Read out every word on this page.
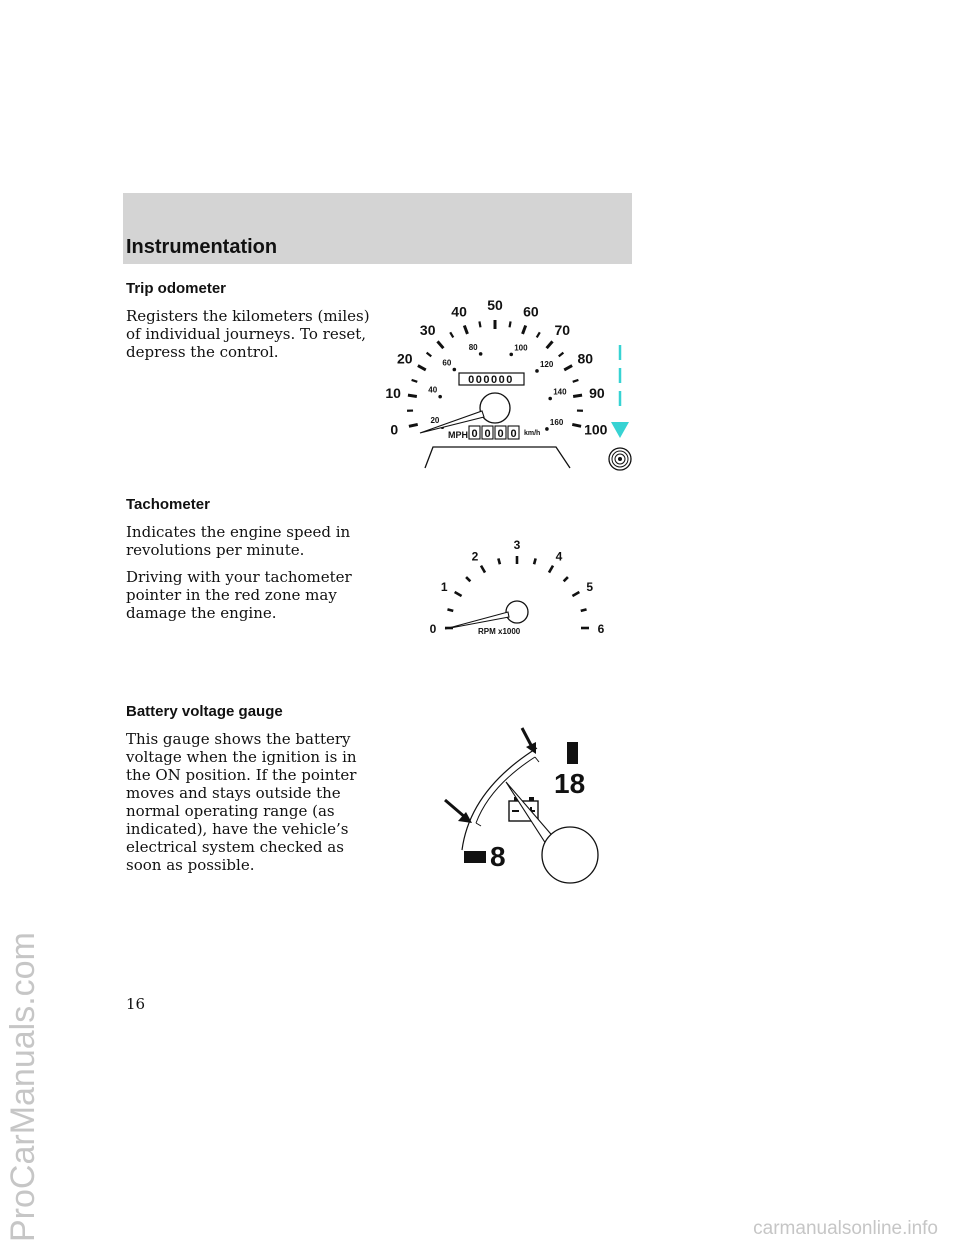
Instrumentation
Trip odometer

Registers the kilometers (miles) of individual journeys. To reset, depress the control.

0
10
20
30
40 50 60
70
80
90
100
20
40
60
80	100
120
140
160
000000
MPH 0 0 0 0 km/h
Tachometer

Indicates the engine speed in revolutions per minute.

Driving with your tachometer pointer in the red zone may damage the engine.

0
1
2
3
4
5
6
RPM x1000
Battery voltage gauge

This gauge shows the battery voltage when the ignition is in the ON position. If the pointer moves and stays outside the normal operating range (as indicated), have the vehicle’s electrical system checked as soon as possible.	8
18
16
ProCarManuals.com	carmanualsonline.info
